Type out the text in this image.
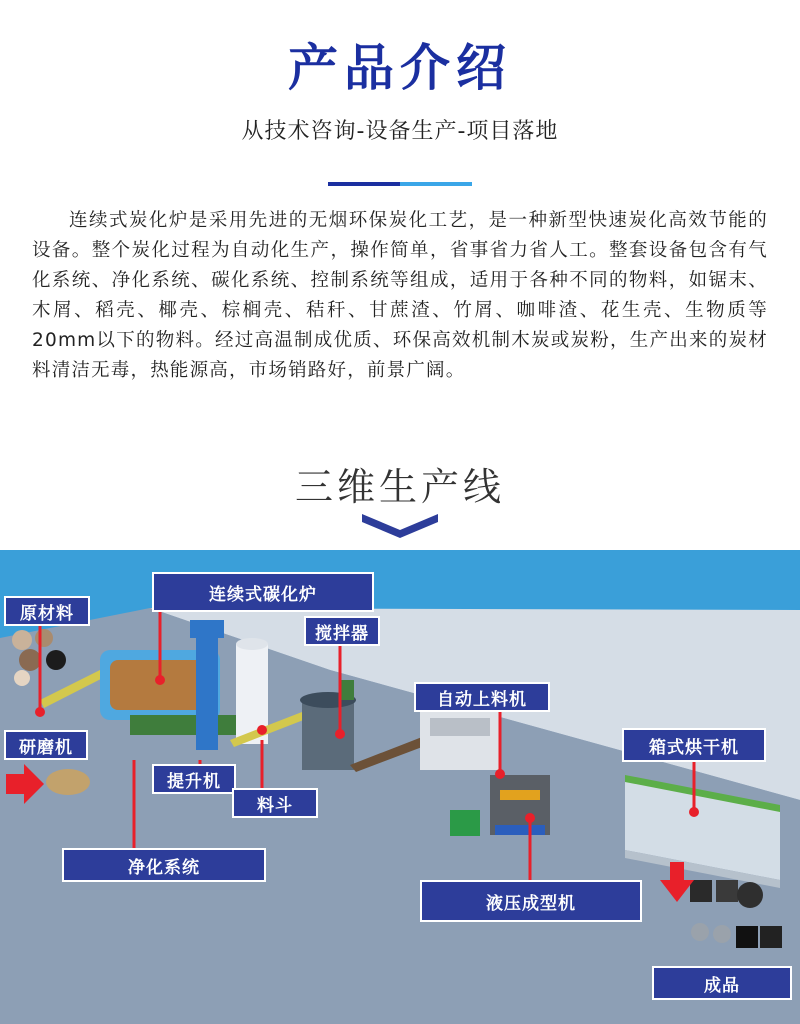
产品介绍
从技术咨询-设备生产-项目落地
连续式炭化炉是采用先进的无烟环保炭化工艺，是一种新型快速炭化高效节能的设备。整个炭化过程为自动化生产，操作简单，省事省力省人工。整套设备包含有气化系统、净化系统、碳化系统、控制系统等组成，适用于各种不同的物料，如锯末、木屑、稻壳、椰壳、棕榈壳、秸秆、甘蔗渣、竹屑、咖啡渣、花生壳、生物质等20mm以下的物料。经过高温制成优质、环保高效机制木炭或炭粉，生产出来的炭材料清洁无毒，热能源高，市场销路好，前景广阔。
三维生产线
原材料
研磨机
连续式碳化炉
搅拌器
提升机
料斗
自动上料机
箱式烘干机
净化系统
液压成型机
成品
